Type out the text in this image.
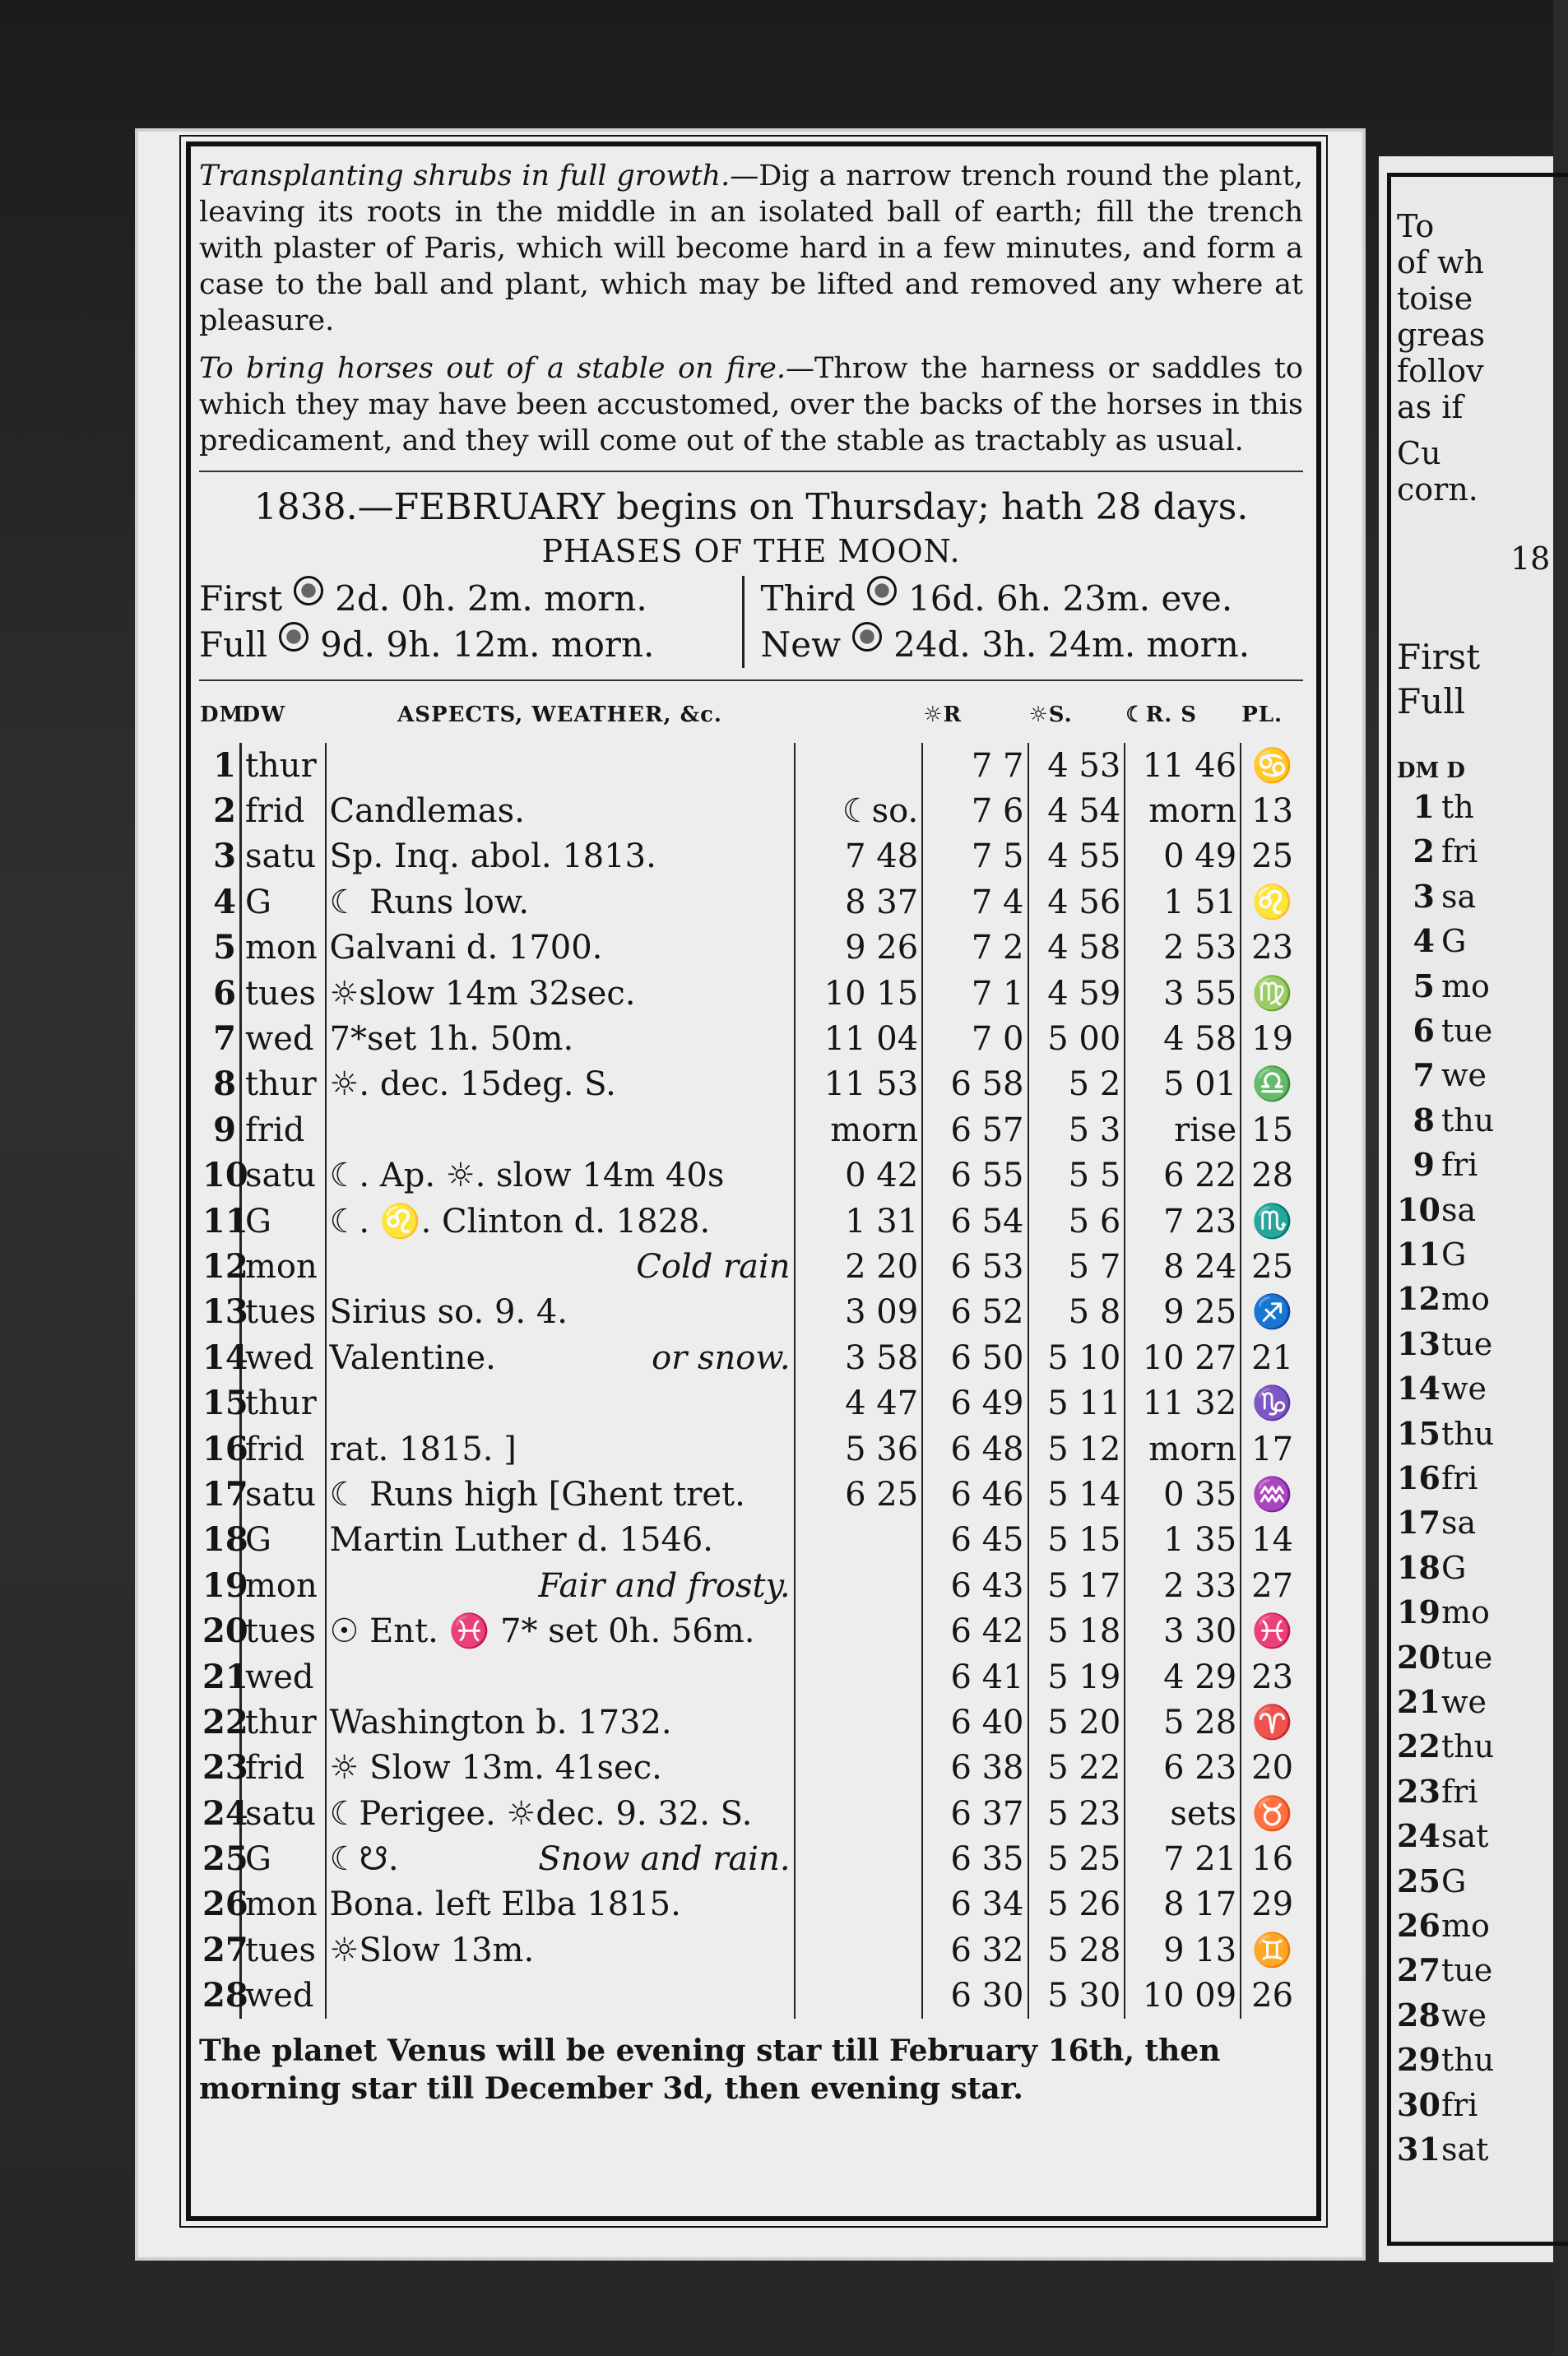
Transplanting shrubs in full growth.—Dig a narrow trench round the plant, leaving its roots in the middle in an isolated ball of earth; fill the trench with plaster of Paris, which will become hard in a few minutes, and form a case to the ball and plant, which may be lifted and removed any where at pleasure.

To bring horses out of a stable on fire.—Throw the harness or saddles to which they may have been accustomed, over the backs of the horses in this predicament, and they will come out of the stable as tractably as usual.

1838.—FEBRUARY begins on Thursday; hath 28 days.
PHASES OF THE MOON.
First 2d. 0h. 2m. morn.
Full 9d. 9h. 12m. morn.
Third 16d. 6h. 23m. eve.
New 24d. 3h. 24m. morn.
DM	DW	ASPECTS, WEATHER, &c.		☼R	☼S.	☾R. S	PL.
1	thur			7 7	4 53	11 46	♋
2	frid	Candlemas.	☾so.	7 6	4 54	morn	13
3	satu	Sp. Inq. abol. 1813.	7 48	7 5	4 55	0 49	25
4	G	☾ Runs low.	8 37	7 4	4 56	1 51	♌
5	mon	Galvani d. 1700.	9 26	7 2	4 58	2 53	23
6	tues	☼slow 14m 32sec.	10 15	7 1	4 59	3 55	♍
7	wed	7*set 1h. 50m.	11 04	7 0	5 00	4 58	19
8	thur	☼. dec. 15deg. S.	11 53	6 58	5 2	5 01	♎
9	frid		morn	6 57	5 3	rise	15
10	satu	☾. Ap. ☼. slow 14m 40s	0 42	6 55	5 5	6 22	28
11	G	☾. ♌. Clinton d. 1828.	1 31	6 54	5 6	7 23	♏
12	mon	Cold rain	2 20	6 53	5 7	8 24	25
13	tues	Sirius so. 9. 4.	3 09	6 52	5 8	9 25	♐
14	wed	Valentine. or snow.	3 58	6 50	5 10	10 27	21
15	thur		4 47	6 49	5 11	11 32	♑
16	frid	rat. 1815. ]	5 36	6 48	5 12	morn	17
17	satu	☾ Runs high [Ghent tret.	6 25	6 46	5 14	0 35	♒
18	G	Martin Luther d. 1546.		6 45	5 15	1 35	14
19	mon	Fair and frosty.		6 43	5 17	2 33	27
20	tues	☉ Ent. ♓ 7* set 0h. 56m.		6 42	5 18	3 30	♓
21	wed			6 41	5 19	4 29	23
22	thur	Washington b. 1732.		6 40	5 20	5 28	♈
23	frid	☼ Slow 13m. 41sec.		6 38	5 22	6 23	20
24	satu	☾Perigee. ☼dec. 9. 32. S.		6 37	5 23	sets	♉
25	G	☾☋. Snow and rain.		6 35	5 25	7 21	16
26	mon	Bona. left Elba 1815.		6 34	5 26	8 17	29
27	tues	☼Slow 13m.		6 32	5 28	9 13	♊
28	wed			6 30	5 30	10 09	26
The planet Venus will be evening star till February 16th, then morning star till December 3d, then evening star.
To
of wh
toise
greas
follov
as if
Cu
corn.
18
First
Full
DM D
1 th
2 fri
3 sa
4 G
5 mo
6 tue
7 we
8 thu
9 fri
10sa
11G
12mo
13tue
14we
15thu
16fri
17sa
18G
19mo
20tue
21we
22thu
23fri
24sat
25G
26mo
27tue
28we
29thu
30fri
31sat
